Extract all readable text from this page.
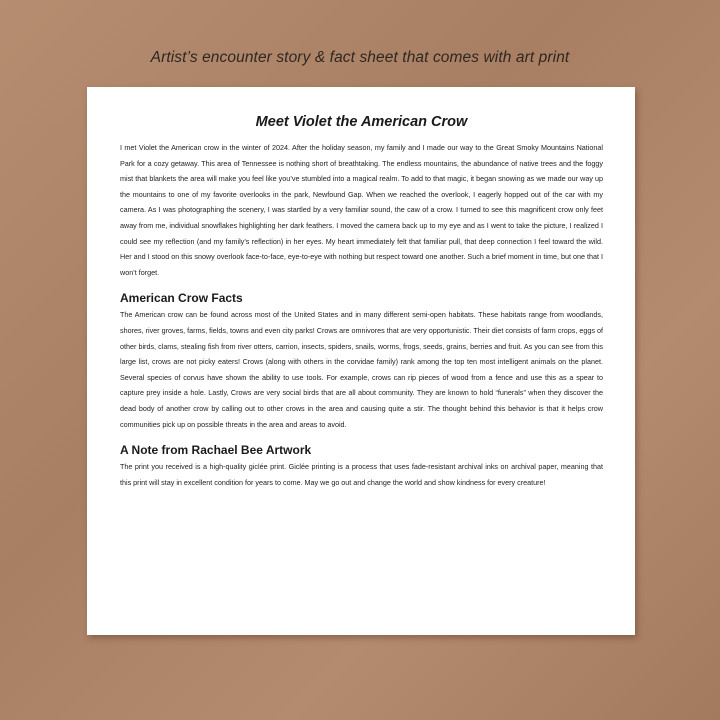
Artist’s encounter story & fact sheet that comes with art print
Meet Violet the American Crow

I met Violet the American crow in the winter of 2024. After the holiday season, my family and I made our way to the Great Smoky Mountains National Park for a cozy getaway. This area of Tennessee is nothing short of breathtaking. The endless mountains, the abundance of native trees and the foggy mist that blankets the area will make you feel like you’ve stumbled into a magical realm. To add to that magic, it began snowing as we made our way up the mountains to one of my favorite overlooks in the park, Newfound Gap. When we reached the overlook, I eagerly hopped out of the car with my camera. As I was photographing the scenery, I was startled by a very familiar sound, the caw of a crow. I turned to see this magnificent crow only feet away from me, individual snowflakes highlighting her dark feathers. I moved the camera back up to my eye and as I went to take the picture, I realized I could see my reflection (and my family’s reflection) in her eyes. My heart immediately felt that familiar pull, that deep connection I feel toward the wild. Her and I stood on this snowy overlook face-to-face, eye-to-eye with nothing but respect toward one another. Such a brief moment in time, but one that I won’t forget.

American Crow Facts

The American crow can be found across most of the United States and in many different semi-open habitats. These habitats range from woodlands, shores, river groves, farms, fields, towns and even city parks! Crows are omnivores that are very opportunistic. Their diet consists of farm crops, eggs of other birds, clams, stealing fish from river otters, carrion, insects, spiders, snails, worms, frogs, seeds, grains, berries and fruit. As you can see from this large list, crows are not picky eaters! Crows (along with others in the corvidae family) rank among the top ten most intelligent animals on the planet. Several species of corvus have shown the ability to use tools. For example, crows can rip pieces of wood from a fence and use this as a spear to capture prey inside a hole. Lastly, Crows are very social birds that are all about community. They are known to hold “funerals” when they discover the dead body of another crow by calling out to other crows in the area and causing quite a stir. The thought behind this behavior is that it helps crow communities pick up on possible threats in the area and areas to avoid.

A Note from Rachael Bee Artwork

The print you received is a high-quality giclée print. Giclée printing is a process that uses fade-resistant archival inks on archival paper, meaning that this print will stay in excellent condition for years to come. May we go out and change the world and show kindness for every creature!
